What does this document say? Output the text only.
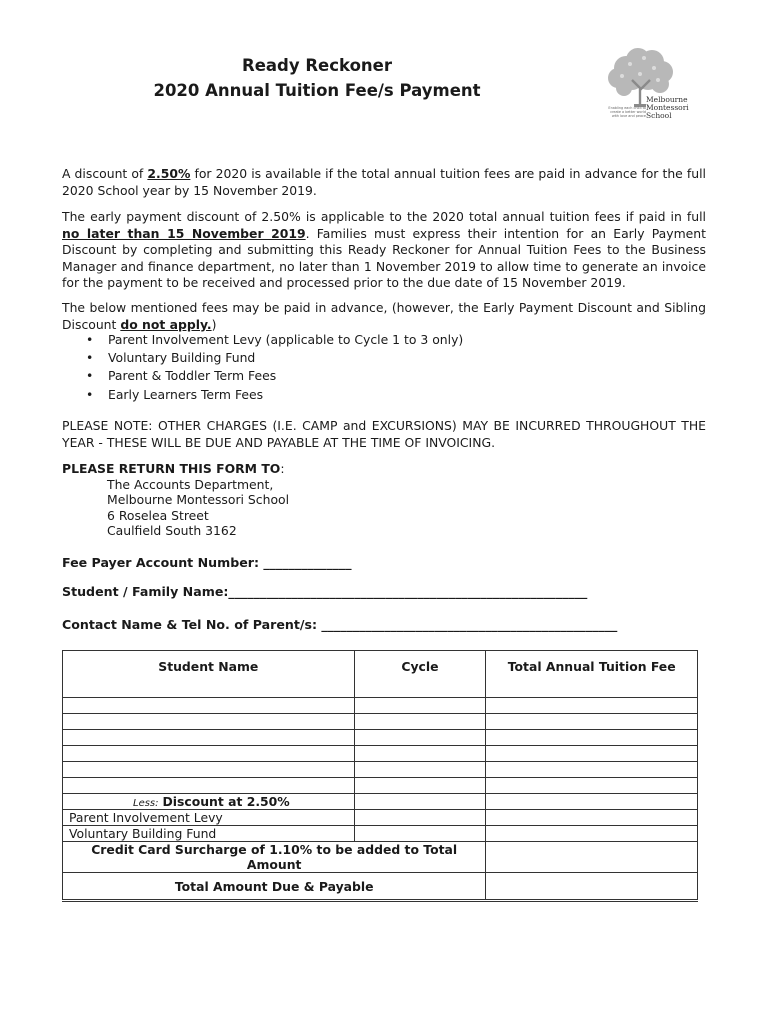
Ready Reckoner
2020 Annual Tuition Fee/s Payment	Melbourne Montessori School
Enabling each child to create a better world with love and peace
A discount of 2.50% for 2020 is available if the total annual tuition fees are paid in advance for the full 2020 School year by 15 November 2019.
The early payment discount of 2.50% is applicable to the 2020 total annual tuition fees if paid in full no later than 15 November 2019. Families must express their intention for an Early Payment Discount by completing and submitting this Ready Reckoner for Annual Tuition Fees to the Business Manager and finance department, no later than 1 November 2019 to allow time to generate an invoice for the payment to be received and processed prior to the due date of 15 November 2019.
The below mentioned fees may be paid in advance, (however, the Early Payment Discount and Sibling Discount do not apply.)
• Parent Involvement Levy (applicable to Cycle 1 to 3 only)
• Voluntary Building Fund
• Parent & Toddler Term Fees
• Early Learners Term Fees
PLEASE NOTE: OTHER CHARGES (I.E. CAMP and EXCURSIONS) MAY BE INCURRED THROUGHOUT THE YEAR - THESE WILL BE DUE AND PAYABLE AT THE TIME OF INVOICING.
PLEASE RETURN THIS FORM TO:
The Accounts Department,
Melbourne Montessori School
6 Roselea Street
Caulfield South 3162
Fee Payer Account Number: ______________
Student / Family Name:_________________________________________________________
Contact Name & Tel No. of Parent/s: _______________________________________________
Student Name	Cycle	Total Annual Tuition Fee

Less: Discount at 2.50%		
Parent Involvement Levy		
Voluntary Building Fund		
Credit Card Surcharge of 1.10% to be added to Total Amount		
Total Amount Due & Payable		
